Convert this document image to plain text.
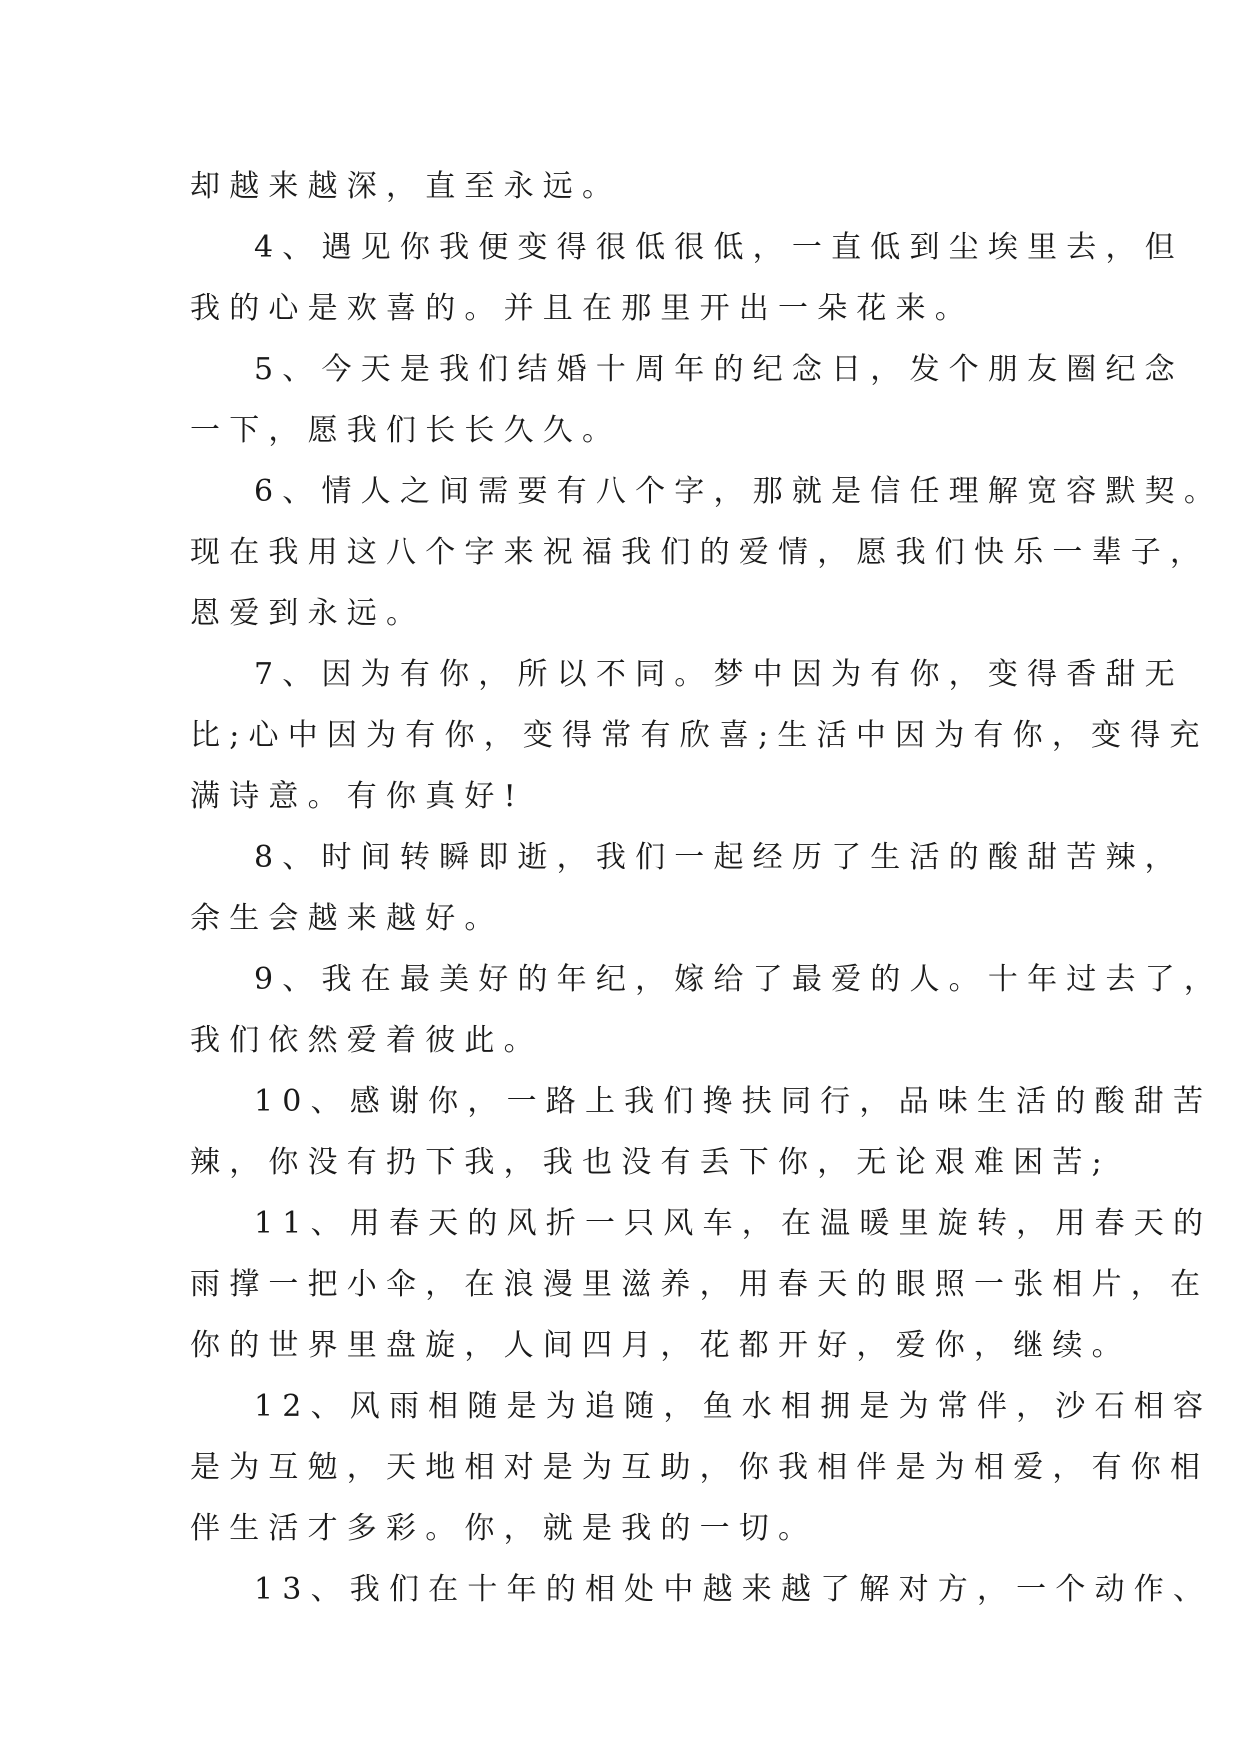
却越来越深，直至永远。
4、遇见你我便变得很低很低，一直低到尘埃里去，但
我的心是欢喜的。并且在那里开出一朵花来。
5、今天是我们结婚十周年的纪念日，发个朋友圈纪念
一下，愿我们长长久久。
6、情人之间需要有八个字，那就是信任理解宽容默契。
现在我用这八个字来祝福我们的爱情，愿我们快乐一辈子，
恩爱到永远。
7、因为有你，所以不同。梦中因为有你，变得香甜无
比;心中因为有你，变得常有欣喜;生活中因为有你，变得充
满诗意。有你真好!
8、时间转瞬即逝，我们一起经历了生活的酸甜苦辣，
余生会越来越好。
9、我在最美好的年纪，嫁给了最爱的人。十年过去了，
我们依然爱着彼此。
10、感谢你，一路上我们搀扶同行，品味生活的酸甜苦
辣，你没有扔下我，我也没有丢下你，无论艰难困苦;
11、用春天的风折一只风车，在温暖里旋转，用春天的
雨撑一把小伞，在浪漫里滋养，用春天的眼照一张相片，在
你的世界里盘旋，人间四月，花都开好，爱你，继续。
12、风雨相随是为追随，鱼水相拥是为常伴，沙石相容
是为互勉，天地相对是为互助，你我相伴是为相爱，有你相
伴生活才多彩。你，就是我的一切。
13、我们在十年的相处中越来越了解对方，一个动作、
